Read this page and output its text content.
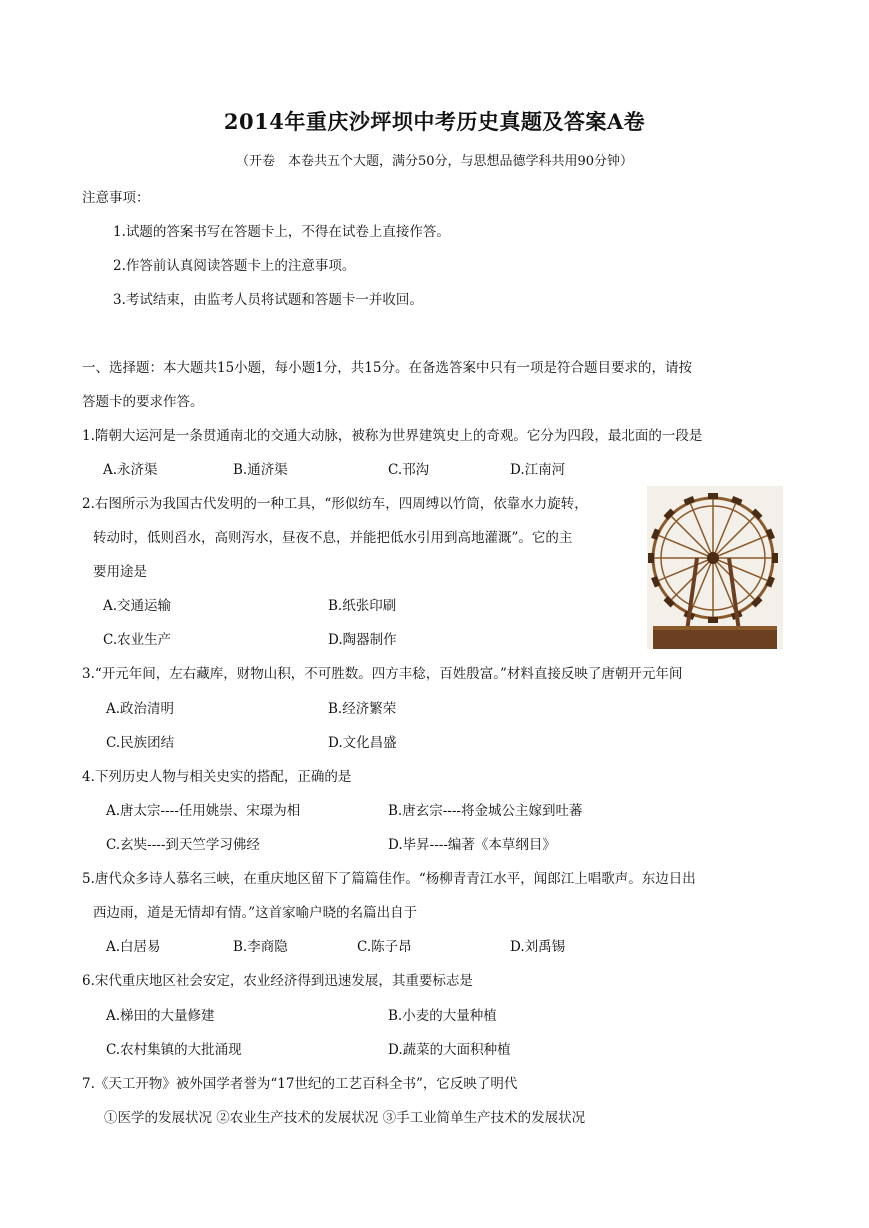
2014年重庆沙坪坝中考历史真题及答案A卷
（开卷　本卷共五个大题，满分50分，与思想品德学科共用90分钟）
注意事项：
1.试题的答案书写在答题卡上，不得在试卷上直接作答。
2.作答前认真阅读答题卡上的注意事项。
3.考试结束，由监考人员将试题和答题卡一并收回。
一、选择题：本大题共15小题，每小题1分，共15分。在备选答案中只有一项是符合题目要求的，请按
答题卡的要求作答。
1.隋朝大运河是一条贯通南北的交通大动脉，被称为世界建筑史上的奇观。它分为四段，最北面的一段是
A.永济渠	B.通济渠	C.邗沟	D.江南河
2.右图所示为我国古代发明的一种工具，“形似纺车，四周缚以竹筒，依靠水力旋转，
转动时，低则舀水，高则泻水，昼夜不息，并能把低水引用到高地灌溉”。它的主
要用途是
A.交通运输	B.纸张印刷
C.农业生产	D.陶器制作
3.“开元年间，左右藏库，财物山积，不可胜数。四方丰稔，百姓殷富。”材料直接反映了唐朝开元年间
A.政治清明	B.经济繁荣
C.民族团结	D.文化昌盛
4.下列历史人物与相关史实的搭配，正确的是
A.唐太宗----任用姚崇、宋璟为相	B.唐玄宗----将金城公主嫁到吐蕃
C.玄奘----到天竺学习佛经	D.毕昇----编著《本草纲目》
5.唐代众多诗人慕名三峡，在重庆地区留下了篇篇佳作。“杨柳青青江水平，闻郎江上唱歌声。东边日出
西边雨，道是无情却有情。”这首家喻户晓的名篇出自于
A.白居易	B.李商隐	C.陈子昂	D.刘禹锡
6.宋代重庆地区社会安定，农业经济得到迅速发展，其重要标志是
A.梯田的大量修建	B.小麦的大量种植
C.农村集镇的大批涌现	D.蔬菜的大面积种植
7.《天工开物》被外国学者誉为“17世纪的工艺百科全书”，它反映了明代
①医学的发展状况 ②农业生产技术的发展状况 ③手工业简单生产技术的发展状况
